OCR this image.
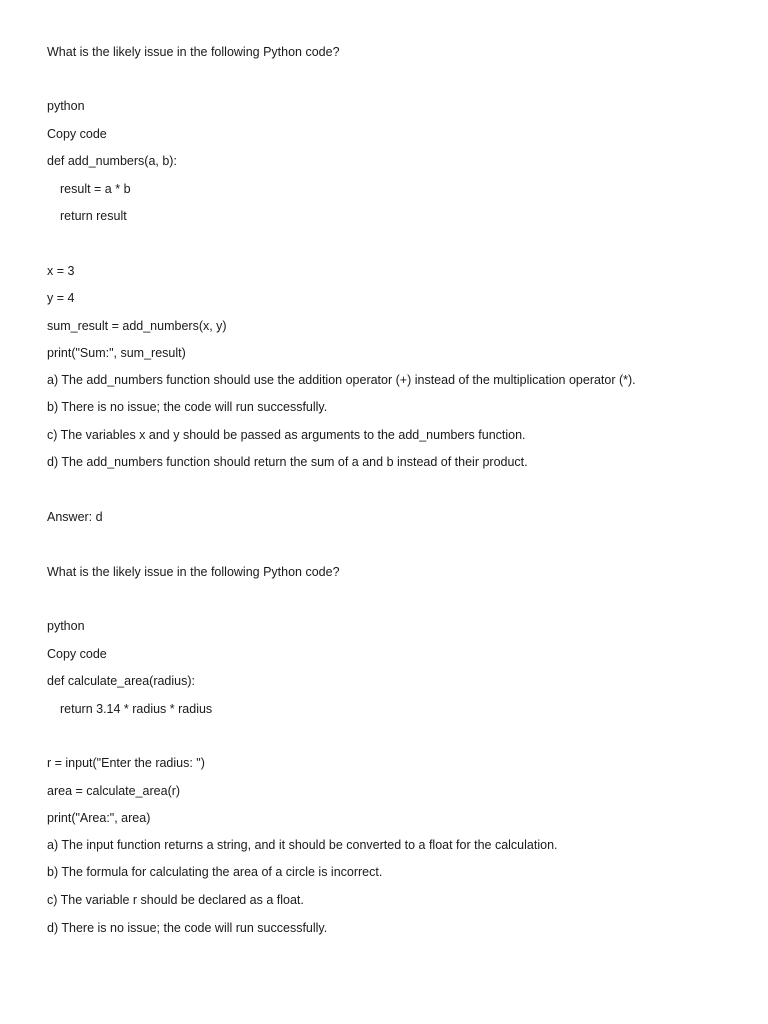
What is the likely issue in the following Python code?
python
Copy code
def add_numbers(a, b):
result = a * b
return result
x = 3
y = 4
sum_result = add_numbers(x, y)
print("Sum:", sum_result)
a) The add_numbers function should use the addition operator (+) instead of the multiplication operator (*).
b) There is no issue; the code will run successfully.
c) The variables x and y should be passed as arguments to the add_numbers function.
d) The add_numbers function should return the sum of a and b instead of their product.
Answer: d
What is the likely issue in the following Python code?
python
Copy code
def calculate_area(radius):
return 3.14 * radius * radius
r = input("Enter the radius: ")
area = calculate_area(r)
print("Area:", area)
a) The input function returns a string, and it should be converted to a float for the calculation.
b) The formula for calculating the area of a circle is incorrect.
c) The variable r should be declared as a float.
d) There is no issue; the code will run successfully.
